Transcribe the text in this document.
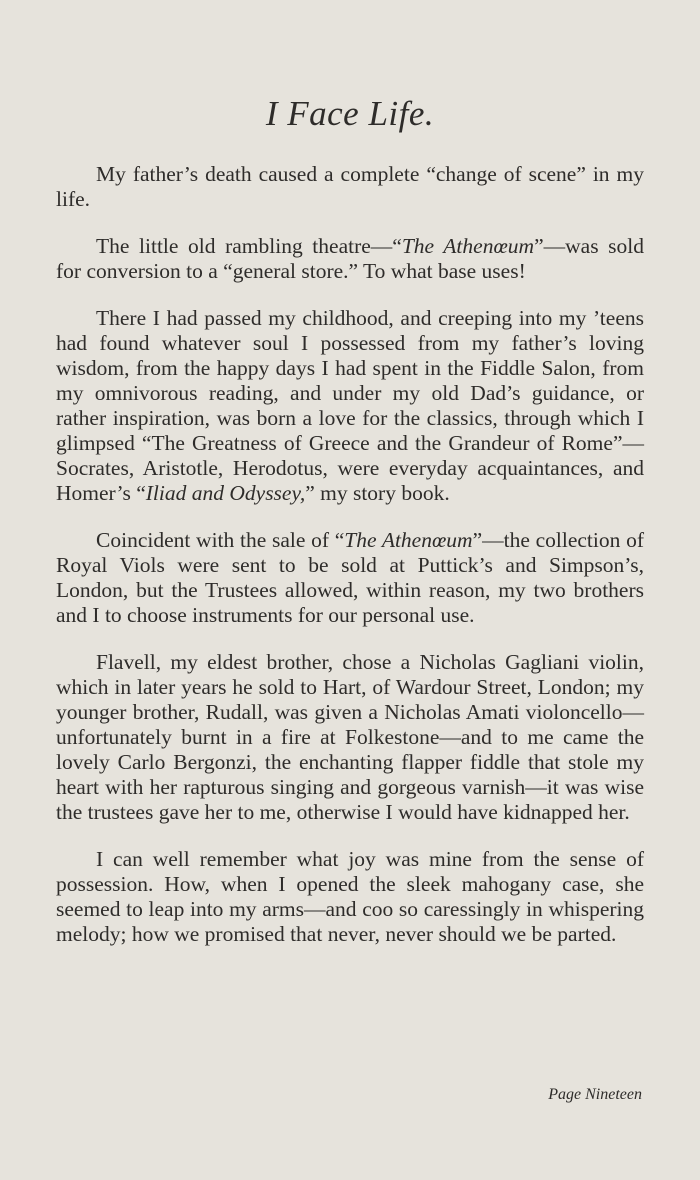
I Face Life.

My father’s death caused a complete “change of scene” in my life.

The little old rambling theatre—“The Athenœum”—was sold for conversion to a “general store.” To what base uses!

There I had passed my childhood, and creeping into my ’teens had found whatever soul I possessed from my father’s loving wisdom, from the happy days I had spent in the Fiddle Salon, from my omnivorous reading, and under my old Dad’s guidance, or rather inspiration, was born a love for the classics, through which I glimpsed “The Greatness of Greece and the Grandeur of Rome”—Socrates, Aristotle, Herodotus, were everyday acquaintances, and Homer’s “Iliad and Odyssey,” my story book.

Coincident with the sale of “The Athenœum”—the collection of Royal Viols were sent to be sold at Puttick’s and Simpson’s, London, but the Trustees allowed, within reason, my two brothers and I to choose instruments for our personal use.

Flavell, my eldest brother, chose a Nicholas Gagliani violin, which in later years he sold to Hart, of Wardour Street, London; my younger brother, Rudall, was given a Nicholas Amati violoncello—unfortunately burnt in a fire at Folkestone—and to me came the lovely Carlo Bergonzi, the enchanting flapper fiddle that stole my heart with her rapturous singing and gorgeous varnish—it was wise the trustees gave her to me, otherwise I would have kidnapped her.

I can well remember what joy was mine from the sense of possession. How, when I opened the sleek mahogany case, she seemed to leap into my arms—and coo so caressingly in whispering melody; how we promised that never, never should we be parted.

Page Nineteen
